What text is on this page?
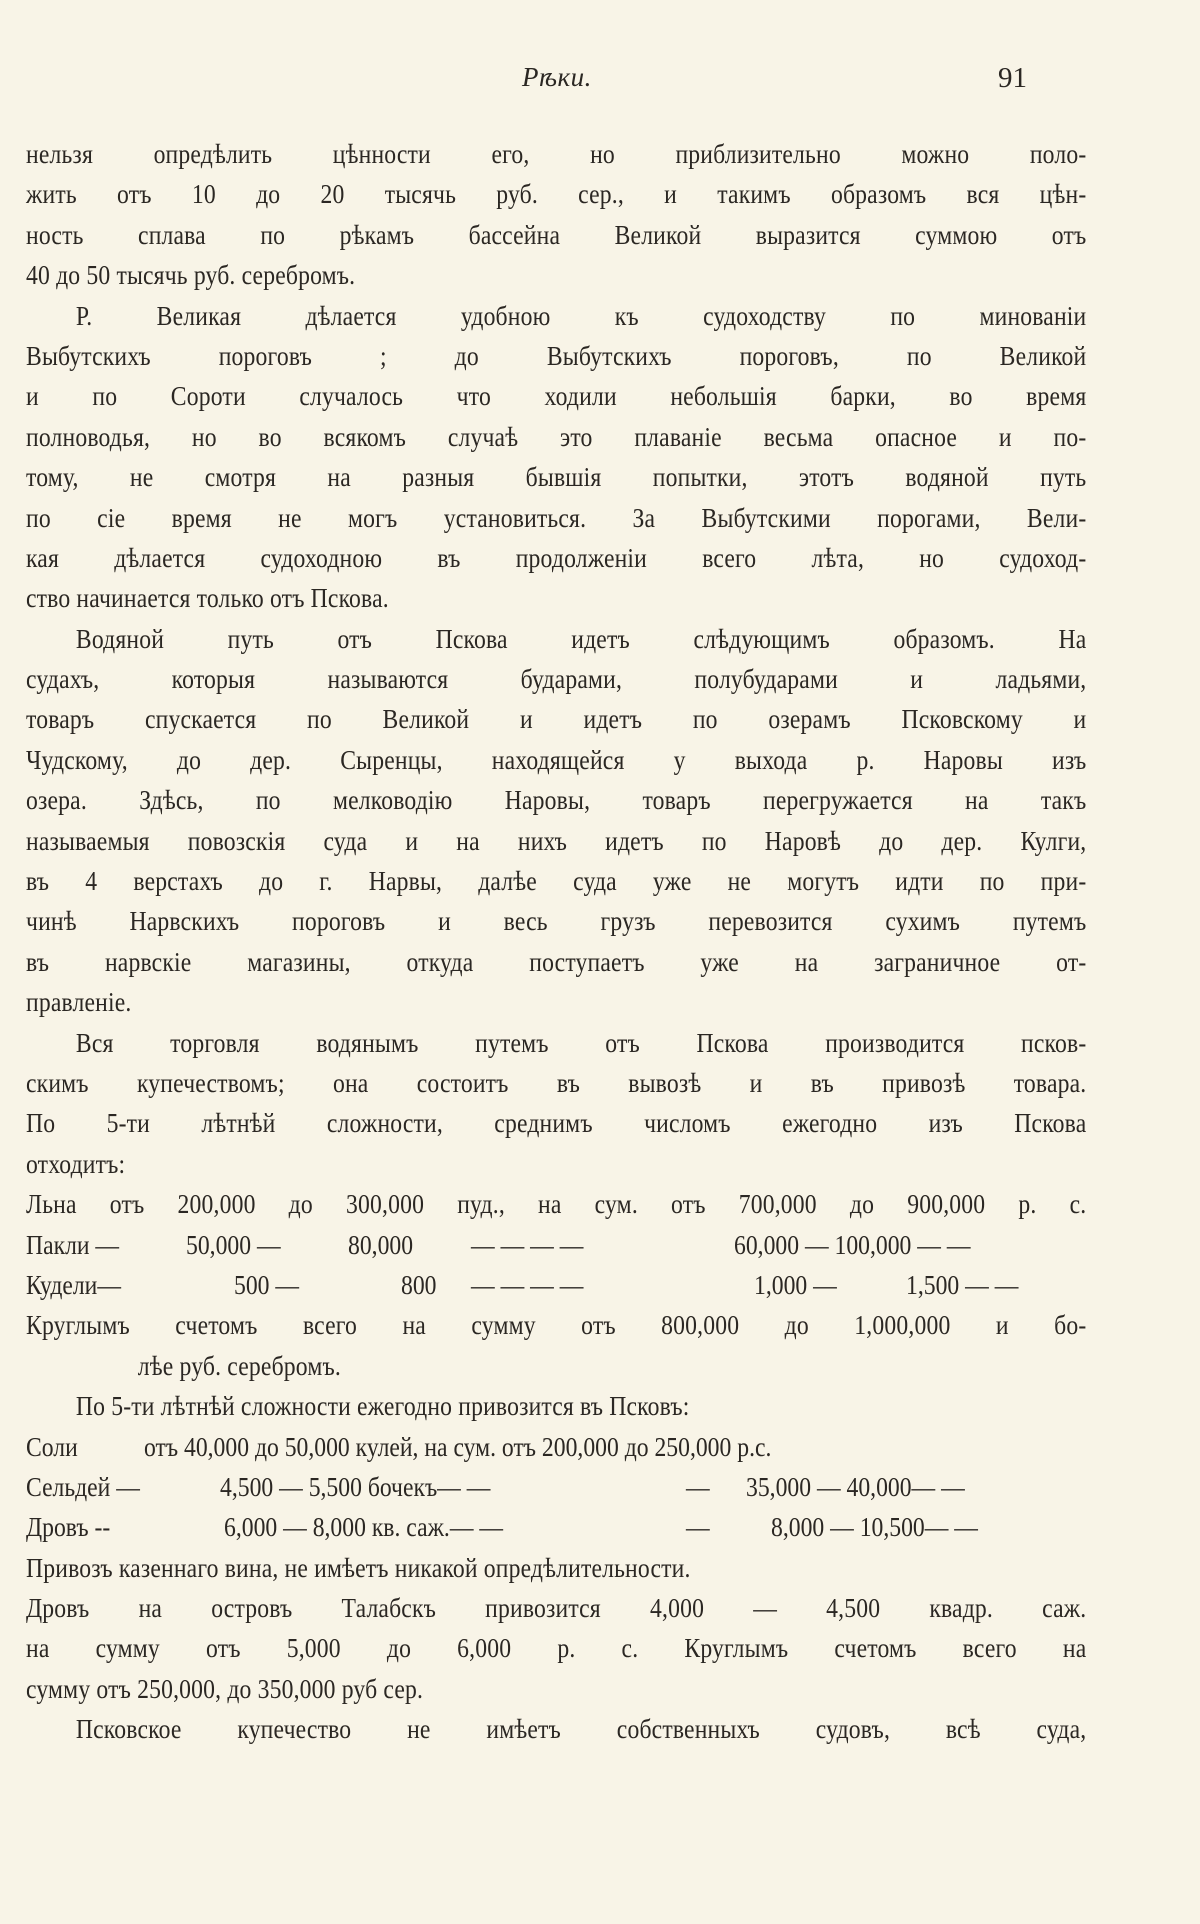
Рѣки.	91
нельзя опредѣлить цѣнности его, но приблизительно можно поло-
жить отъ 10 до 20 тысячь руб. сер., и такимъ образомъ вся цѣн-
ность сплава по рѣкамъ бассейна Великой выразится суммою отъ
40 до 50 тысячь руб. серебромъ.
Р. Великая дѣлается удобною къ судоходству по минованіи
Выбутскихъ пороговъ ; до Выбутскихъ пороговъ, по Великой
и по Сороти случалось что ходили небольшія барки, во время
полноводья, но во всякомъ случаѣ это плаваніе весьма опасное и по-
тому, не смотря на разныя бывшія попытки, этотъ водяной путь
по сіе время не могъ установиться. За Выбутскими порогами, Вели-
кая дѣлается судоходною въ продолженіи всего лѣта, но судоход-
ство начинается только отъ Пскова.
Водяной путь отъ Пскова идетъ слѣдующимъ образомъ. На
судахъ, которыя называются бударами, полубударами и ладьями,
товаръ спускается по Великой и идетъ по озерамъ Псковскому и
Чудскому, до дер. Сыренцы, находящейся у выхода р. Наровы изъ
озера. Здѣсь, по мелководію Наровы, товаръ перегружается на такъ
называемыя повозскія суда и на нихъ идетъ по Наровѣ до дер. Кулги,
въ 4 верстахъ до г. Нарвы, далѣе суда уже не могутъ идти по при-
чинѣ Нарвскихъ пороговъ и весь грузъ перевозится сухимъ путемъ
въ нарвскіе магазины, откуда поступаетъ уже на заграничное от-
правленіе.
Вся торговля водянымъ путемъ отъ Пскова производится псков-
скимъ купечествомъ; она состоитъ въ вывозѣ и въ привозѣ товара.
По 5-ти лѣтнѣй сложности, среднимъ числомъ ежегодно изъ Пскова
отходитъ:
Льна отъ 200,000 до 300,000 пуд., на сум. отъ 700,000 до 900,000 р. с.
Пакли — 50,000 — 80,000 — — — —	60,000 — 100,000 — —
Кудели—	500 —	800 — — — —	1,000 —	1,500 — —
Круглымъ счетомъ всего на сумму отъ 800,000 до 1,000,000 и бо-
лѣе руб. серебромъ.
По 5-ти лѣтнѣй сложности ежегодно привозится въ Псковъ:
Соли отъ 40,000 до 50,000 кулей, на сум. отъ 200,000 до 250,000 р.с.
Сельдей —	4,500 — 5,500 бочекъ— —	— 35,000 — 40,000— —
Дровъ --	6,000 — 8,000 кв. саж.— —	— 8,000 — 10,500— —
Привозъ казеннаго вина, не имѣетъ никакой опредѣлительности.
Дровъ на островъ Талабскъ привозится 4,000 — 4,500 квадр. саж.
на сумму отъ 5,000 до 6,000 р. с. Круглымъ счетомъ всего на
сумму отъ 250,000, до 350,000 руб сер.
Псковское купечество не имѣетъ собственныхъ судовъ, всѣ суда,
